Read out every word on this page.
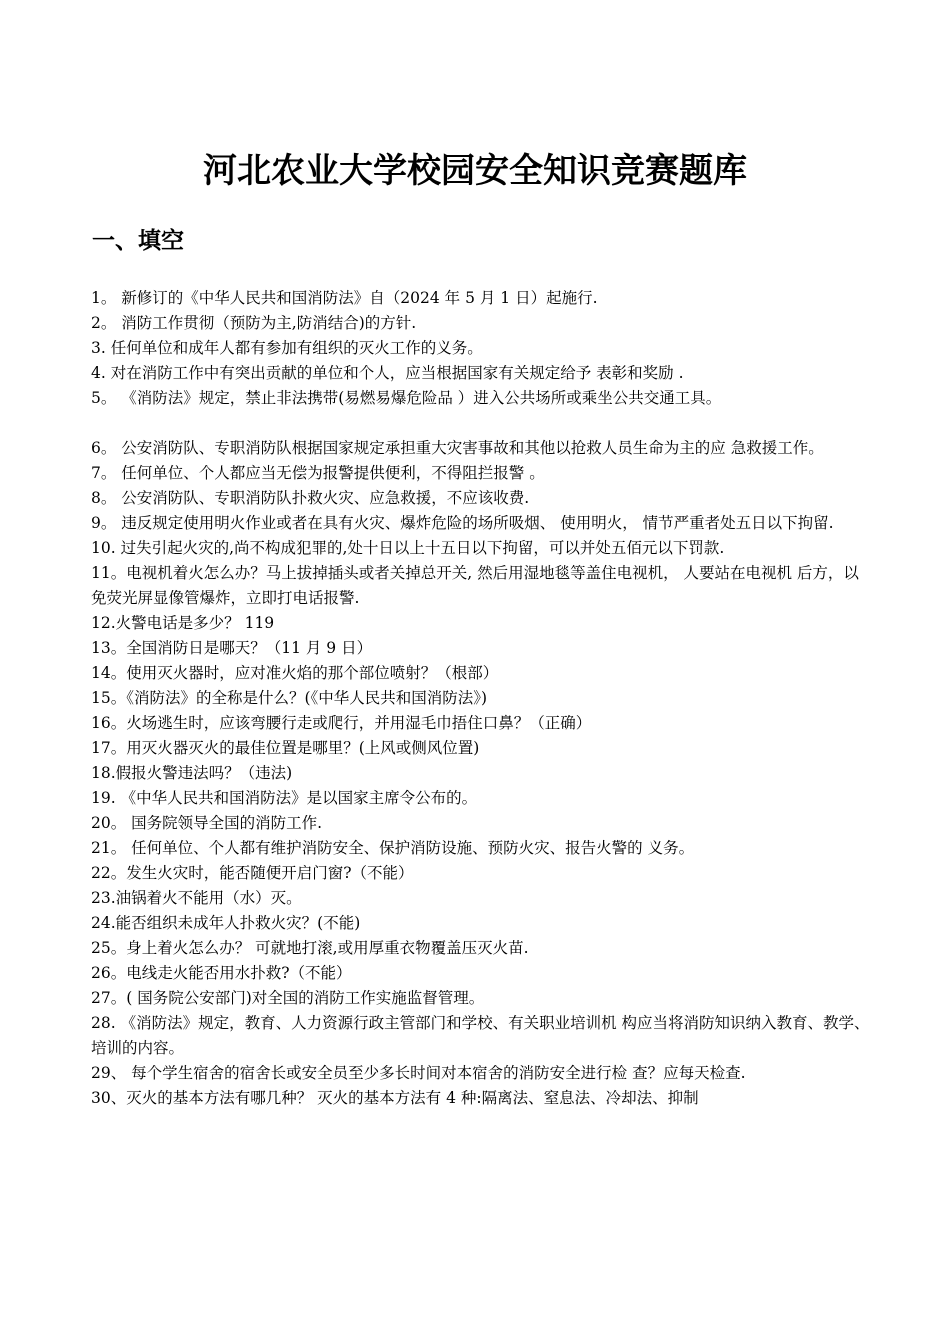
河北农业大学校园安全知识竞赛题库
一、填空
1。 新修订的《中华人民共和国消防法》自（2024 年 5 月 1 日）起施行.
2。 消防工作贯彻（预防为主,防消结合)的方针.
3. 任何单位和成年人都有参加有组织的灭火工作的义务。
4. 对在消防工作中有突出贡献的单位和个人，应当根据国家有关规定给予 表彰和奖励 .
5。 《消防法》规定，禁止非法携带(易燃易爆危险品 ）进入公共场所或乘坐公共交通工具。
6。 公安消防队、专职消防队根据国家规定承担重大灾害事故和其他以抢救人员生命为主的应 急救援工作。
7。 任何单位、个人都应当无偿为报警提供便利，不得阻拦报警 。
8。 公安消防队、专职消防队扑救火灾、应急救援，不应该收费.
9。 违反规定使用明火作业或者在具有火灾、爆炸危险的场所吸烟、 使用明火， 情节严重者处五日以下拘留.
10. 过失引起火灾的,尚不构成犯罪的,处十日以上十五日以下拘留，可以并处五佰元以下罚款.
11。电视机着火怎么办？马上拔掉插头或者关掉总开关, 然后用湿地毯等盖住电视机， 人要站在电视机 后方，以免荧光屏显像管爆炸，立即打电话报警.
12.火警电话是多少？ 119
13。全国消防日是哪天？（11 月 9 日）
14。使用灭火器时，应对准火焰的那个部位喷射？（根部）
15。《消防法》的全称是什么？(《中华人民共和国消防法》)
16。火场逃生时，应该弯腰行走或爬行，并用湿毛巾捂住口鼻？（正确）
17。用灭火器灭火的最佳位置是哪里？(上风或侧风位置)
18.假报火警违法吗？（违法)
19. 《中华人民共和国消防法》是以国家主席令公布的。
20。 国务院领导全国的消防工作.
21。 任何单位、个人都有维护消防安全、保护消防设施、预防火灾、报告火警的 义务。
22。发生火灾时，能否随便开启门窗?（不能）
23.油锅着火不能用（水）灭。
24.能否组织未成年人扑救火灾？(不能)
25。身上着火怎么办？ 可就地打滚,或用厚重衣物覆盖压灭火苗.
26。电线走火能否用水扑救?（不能）
27。( 国务院公安部门)对全国的消防工作实施监督管理。
28. 《消防法》规定，教育、人力资源行政主管部门和学校、有关职业培训机 构应当将消防知识纳入教育、教学、培训的内容。
29、 每个学生宿舍的宿舍长或安全员至少多长时间对本宿舍的消防安全进行检 查？应每天检查.
30、灭火的基本方法有哪几种？ 灭火的基本方法有 4 种:隔离法、窒息法、冷却法、抑制
